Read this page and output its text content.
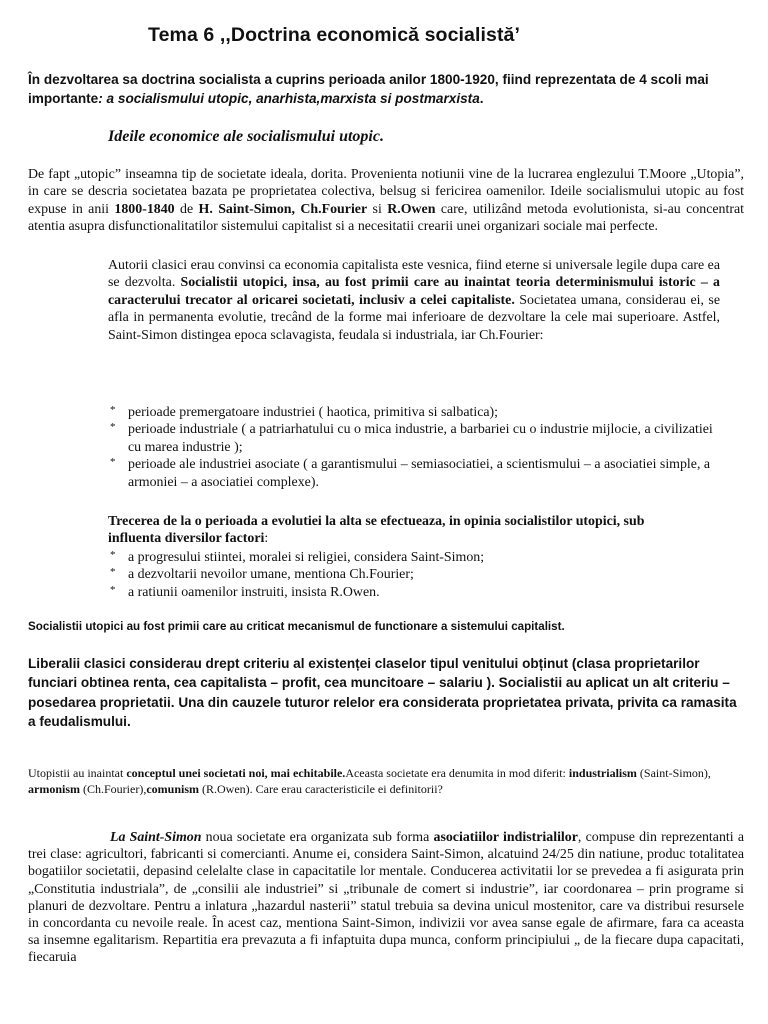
Tema 6 ,,Doctrina economică socialistă’
În dezvoltarea sa doctrina socialista a cuprins perioada anilor 1800-1920, fiind reprezentata de 4 scoli mai importante: a socialismului utopic, anarhista,marxista si postmarxista.
Ideile economice ale socialismului utopic.
De fapt „utopic” inseamna tip de societate ideala, dorita. Provenienta notiunii vine de la lucrarea englezului T.Moore „Utopia”, in care se descria societatea bazata pe proprietatea colectiva, belsug si fericirea oamenilor. Ideile socialismului utopic au fost expuse in anii 1800-1840 de H. Saint-Simon, Ch.Fourier si R.Owen care, utilizând metoda evolutionista, si-au concentrat atentia asupra disfunctionalitatilor sistemului capitalist si a necesitatii crearii unei organizari sociale mai perfecte.
Autorii clasici erau convinsi ca economia capitalista este vesnica, fiind eterne si universale legile dupa care ea se dezvolta. Socialistii utopici, insa, au fost primii care au inaintat teoria determinismului istoric – a caracterului trecator al oricarei societati, inclusiv a celei capitaliste. Societatea umana, considerau ei, se afla in permanenta evolutie, trecând de la forme mai inferioare de dezvoltare la cele mai superioare. Astfel, Saint-Simon distingea epoca sclavagista, feudala si industriala, iar Ch.Fourier:
* perioade premergatoare industriei ( haotica, primitiva si salbatica);
* perioade industriale ( a patriarhatului cu o mica industrie, a barbariei cu o industrie mijlocie, a civilizatiei cu marea industrie );
* perioade ale industriei asociate ( a garantismului – semiasociatiei, a scientismului – a asociatiei simple, a armoniei – a asociatiei complexe).
Trecerea de la o perioada a evolutiei la alta se efectueaza, in opinia socialistilor utopici, sub influenta diversilor factori:
* a progresului stiintei, moralei si religiei, considera Saint-Simon;
* a dezvoltarii nevoilor umane, mentiona Ch.Fourier;
* a ratiunii oamenilor instruiti, insista R.Owen.
Socialistii utopici au fost primii care au criticat mecanismul de functionare a sistemului capitalist.
Liberalii clasici considerau drept criteriu al existenței claselor tipul venitului obținut (clasa proprietarilor funciari obtinea renta, cea capitalista – profit, cea muncitoare – salariu ). Socialistii au aplicat un alt criteriu – posedarea proprietatii. Una din cauzele tuturor relelor era considerata proprietatea privata, privita ca ramasita a feudalismului.
Utopistii au inaintat conceptul unei societati noi, mai echitabile.Aceasta societate era denumita in mod diferit: industrialism (Saint-Simon), armonism (Ch.Fourier),comunism (R.Owen). Care erau caracteristicile ei definitorii?
La Saint-Simon noua societate era organizata sub forma asociatiilor indistrialilor, compuse din reprezentanti a trei clase: agricultori, fabricanti si comercianti. Anume ei, considera Saint-Simon, alcatuind 24/25 din natiune, produc totalitatea bogatiilor societatii, depasind celelalte clase in capacitatile lor mentale. Conducerea activitatii lor se prevedea a fi asigurata prin „Constitutia industriala”, de „consilii ale industriei” si „tribunale de comert si industrie”, iar coordonarea – prin programe si planuri de dezvoltare. Pentru a inlatura „hazardul nasterii” statul trebuia sa devina unicul mostenitor, care va distribui resursele in concordanta cu nevoile reale. În acest caz, mentiona Saint-Simon, indivizii vor avea sanse egale de afirmare, fara ca aceasta sa insemne egalitarism. Repartitia era prevazuta a fi infaptuita dupa munca, conform principiului „ de la fiecare dupa capacitati, fiecaruia
